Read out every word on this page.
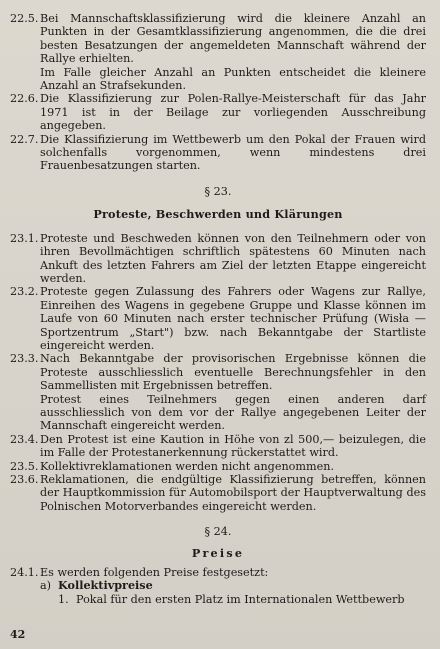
22.5. Bei Mannschaftsklassifizierung wird die kleinere Anzahl an Punkten in der Gesamtklassifizierung angenommen, die die drei besten Besatzungen der angemeldeten Mannschaft während der Rallye erhielten.

Im Falle gleicher Anzahl an Punkten entscheidet die kleinere Anzahl an Strafsekunden.

22.6. Die Klassifizierung zur Polen-Rallye-Meisterschaft für das Jahr 1971 ist in der Beilage zur vorliegenden Ausschreibung angegeben.

22.7. Die Klassifizierung im Wettbewerb um den Pokal der Frauen wird solchenfalls vorgenommen, wenn mindestens drei Frauenbesatzungen starten.

§ 23.

Proteste, Beschwerden und Klärungen

23.1. Proteste und Beschweden können von den Teilnehmern oder von ihren Bevollmächtigen schriftlich spätestens 60 Minuten nach Ankuft des letzten Fahrers am Ziel der letzten Etappe eingereicht werden.

23.2. Proteste gegen Zulassung des Fahrers oder Wagens zur Rallye, Einreihen des Wagens in gegebene Gruppe und Klasse können im Laufe von 60 Minuten nach erster technischer Prüfung (Wisła — Sportzentrum „Start") bzw. nach Bekanntgabe der Startliste eingereicht werden.

23.3. Nach Bekanntgabe der provisorischen Ergebnisse können die Proteste ausschliesslich eventuelle Berechnungsfehler in den Sammellisten mit Ergebnissen betreffen.

Protest eines Teilnehmers gegen einen anderen darf ausschliesslich von dem vor der Rallye angegebenen Leiter der Mannschaft eingereicht werden.

23.4. Den Protest ist eine Kaution in Höhe von zl 500,— beizulegen, die im Falle der Protestanerkennung rückerstattet wird.

23.5. Kollektivreklamationen werden nicht angenommen.

23.6. Reklamationen, die endgültige Klassifizierung betreffen, können der Hauptkommission für Automobilsport der Hauptverwaltung des Polnischen Motorverbandes eingereicht werden.

§ 24.

Preise

24.1. Es werden folgenden Preise festgesetzt:

a) Kollektivpreise
1. Pokal für den ersten Platz im Internationalen Wettbewerb
42
